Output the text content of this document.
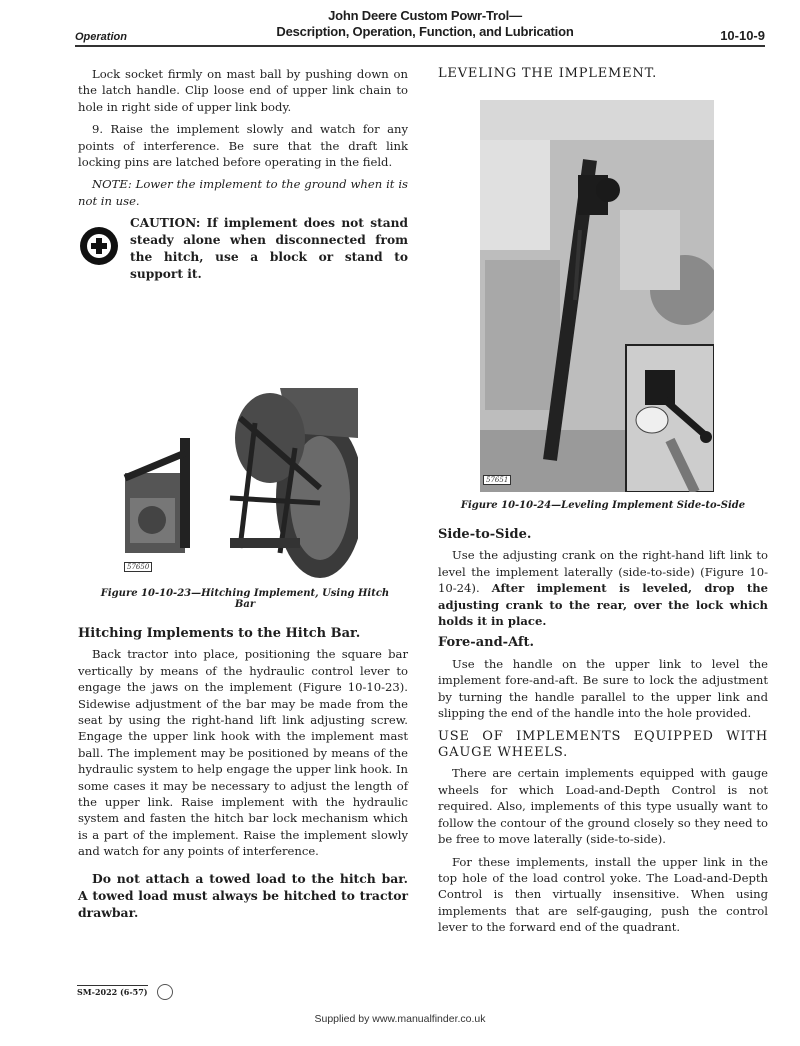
Operation
John Deere Custom Powr-Trol—
Description, Operation, Function, and Lubrication	10-10-9

Lock socket firmly on mast ball by pushing down on the latch handle. Clip loose end of upper link chain to hole in right side of upper link body.

9. Raise the implement slowly and watch for any points of interference. Be sure that the draft link locking pins are latched before operating in the field.

NOTE: Lower the implement to the ground when it is not in use.

CAUTION: If implement does not stand steady alone when disconnected from the hitch, use a block or stand to support it.
57650
Figure 10-10-23—Hitching Implement, Using Hitch Bar
Hitching Implements to the Hitch Bar.

Back tractor into place, positioning the square bar vertically by means of the hydraulic control lever to engage the jaws on the implement (Figure 10-10-23). Sidewise adjustment of the bar may be made from the seat by using the right-hand lift link adjusting screw. Engage the upper link hook with the implement mast ball. The implement may be positioned by means of the hydraulic system to help engage the upper link hook. In some cases it may be necessary to adjust the length of the upper link. Raise implement with the hydraulic system and fasten the hitch bar lock mechanism which is a part of the implement. Raise the implement slowly and watch for any points of interference.

Do not attach a towed load to the hitch bar. A towed load must always be hitched to tractor drawbar.

LEVELING THE IMPLEMENT.
57651
Figure 10-10-24—Leveling Implement Side-to-Side
Side-to-Side.

Use the adjusting crank on the right-hand lift link to level the implement laterally (side-to-side) (Figure 10-10-24). After implement is leveled, drop the adjusting crank to the rear, over the lock which holds it in place.

Fore-and-Aft.

Use the handle on the upper link to level the implement fore-and-aft. Be sure to lock the adjustment by turning the handle parallel to the upper link and slipping the end of the handle into the hole provided.

USE OF IMPLEMENTS EQUIPPED WITH GAUGE WHEELS.

There are certain implements equipped with gauge wheels for which Load-and-Depth Control is not required. Also, implements of this type usually want to follow the contour of the ground closely so they need to be free to move laterally (side-to-side).

For these implements, install the upper link in the top hole of the load control yoke. The Load-and-Depth Control is then virtually insensitive. When using implements that are self-gauging, push the control lever to the forward end of the quadrant.

SM-2022 (6-57)
Supplied by www.manualfinder.co.uk
